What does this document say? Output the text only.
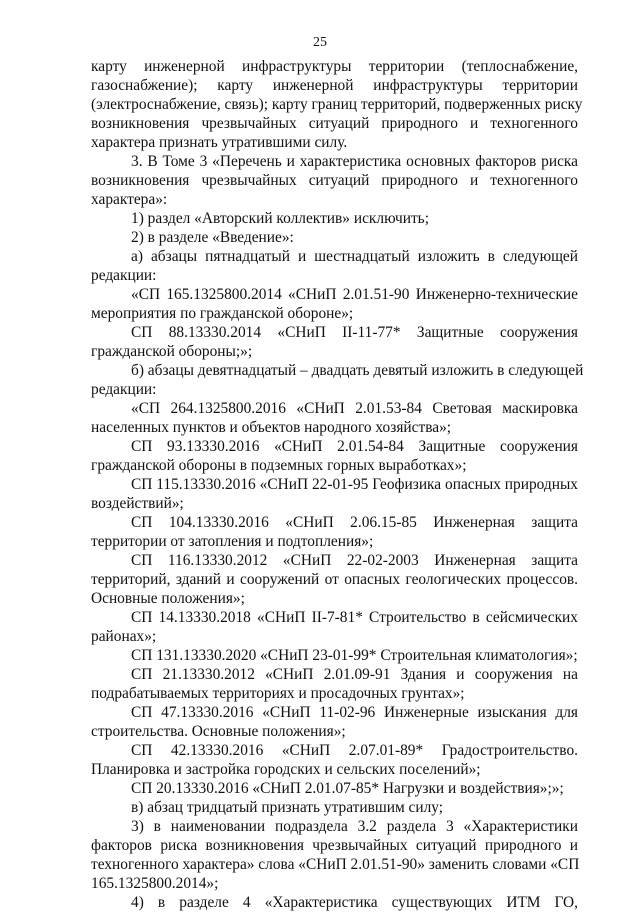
25
карту инженерной инфраструктуры территории (теплоснабжение,
газоснабжение); карту инженерной инфраструктуры территории
(электроснабжение, связь); карту границ территорий, подверженных риску
возникновения чрезвычайных ситуаций природного и техногенного
характера признать утратившими силу.
3. В Томе 3 «Перечень и характеристика основных факторов риска
возникновения чрезвычайных ситуаций природного и техногенного
характера»:
1) раздел «Авторский коллектив» исключить;
2) в разделе «Введение»:
а) абзацы пятнадцатый и шестнадцатый изложить в следующей
редакции:
«СП 165.1325800.2014 «СНиП 2.01.51-90 Инженерно-технические
мероприятия по гражданской обороне»;
СП 88.13330.2014 «СНиП II-11-77* Защитные сооружения
гражданской обороны;»;
б) абзацы девятнадцатый – двадцать девятый изложить в следующей
редакции:
«СП 264.1325800.2016 «СНиП 2.01.53-84 Световая маскировка
населенных пунктов и объектов народного хозяйства»;
СП 93.13330.2016 «СНиП 2.01.54-84 Защитные сооружения
гражданской обороны в подземных горных выработках»;
СП 115.13330.2016 «СНиП 22-01-95 Геофизика опасных природных
воздействий»;
СП 104.13330.2016 «СНиП 2.06.15-85 Инженерная защита
территории от затопления и подтопления»;
СП 116.13330.2012 «СНиП 22-02-2003 Инженерная защита
территорий, зданий и сооружений от опасных геологических процессов.
Основные положения»;
СП 14.13330.2018 «СНиП II-7-81* Строительство в сейсмических
районах»;
СП 131.13330.2020 «СНиП 23-01-99* Строительная климатология»;
СП 21.13330.2012 «СНиП 2.01.09-91 Здания и сооружения на
подрабатываемых территориях и просадочных грунтах»;
СП 47.13330.2016 «СНиП 11-02-96 Инженерные изыскания для
строительства. Основные положения»;
СП 42.13330.2016 «СНиП 2.07.01-89* Градостроительство.
Планировка и застройка городских и сельских поселений»;
СП 20.13330.2016 «СНиП 2.01.07-85* Нагрузки и воздействия»;»;
в) абзац тридцатый признать утратившим силу;
3) в наименовании подраздела 3.2 раздела 3 «Характеристики
факторов риска возникновения чрезвычайных ситуаций природного и
техногенного характера» слова «СНиП 2.01.51-90» заменить словами «СП
165.1325800.2014»;
4) в разделе 4 «Характеристика существующих ИТМ ГО,
